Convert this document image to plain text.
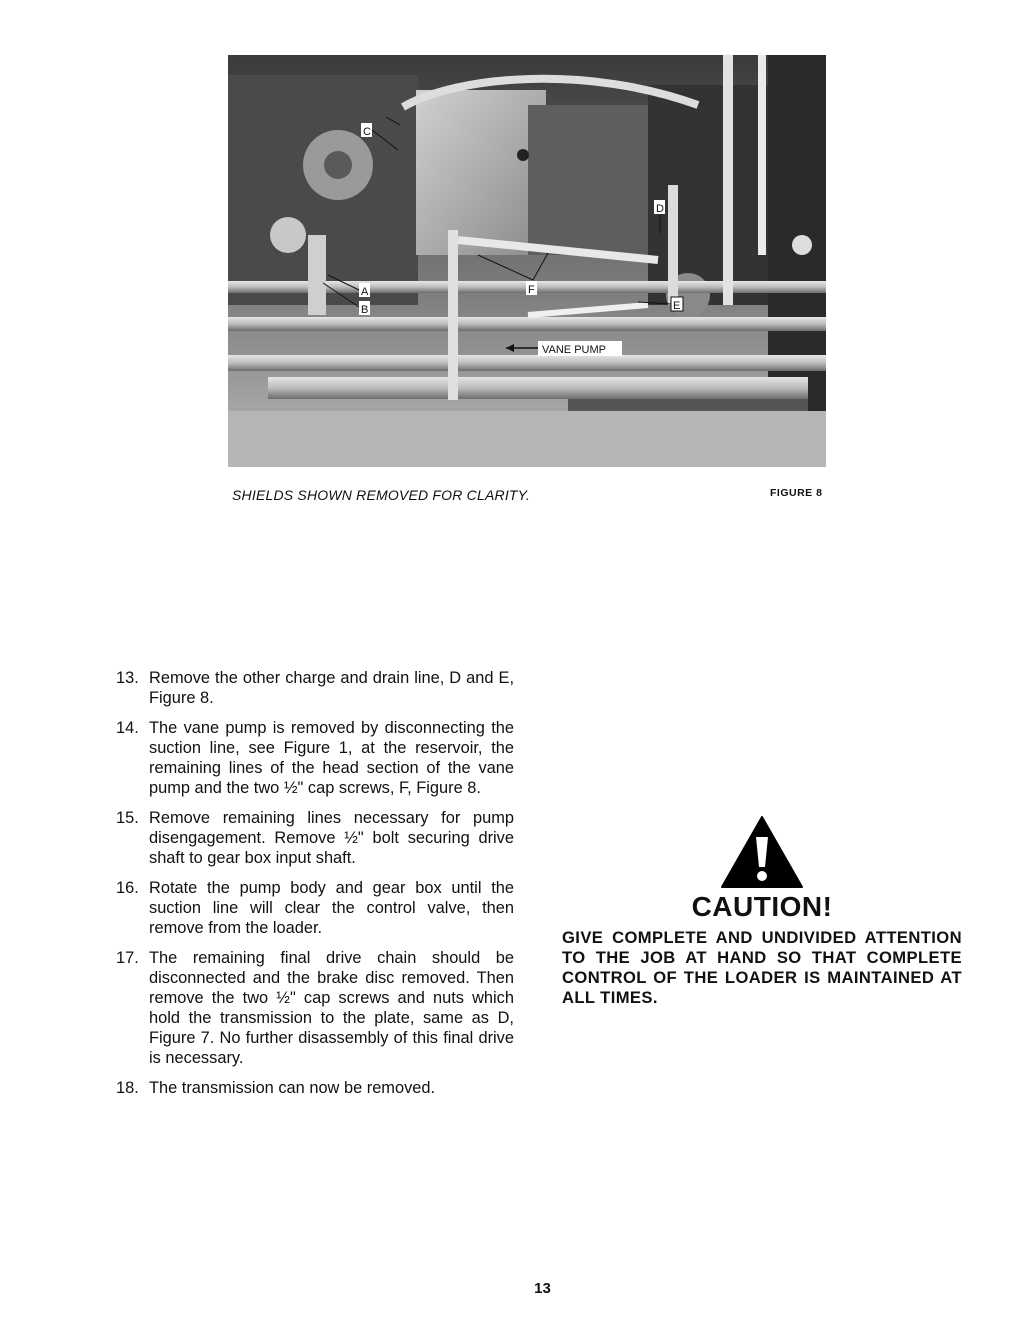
C
D
A
B
F
E
VANE PUMP
SHIELDS SHOWN REMOVED FOR CLARITY.	FIGURE 8
13. Remove the other charge and drain line, D and E, Figure 8.
14. The vane pump is removed by disconnecting the suction line, see Figure 1, at the reservoir, the remaining lines of the head section of the vane pump and the two ½" cap screws, F, Figure 8.
15. Remove remaining lines necessary for pump disengagement. Remove ½" bolt securing drive shaft to gear box input shaft.
16. Rotate the pump body and gear box until the suction line will clear the control valve, then remove from the loader.
17. The remaining final drive chain should be disconnected and the brake disc removed. Then remove the two ½" cap screws and nuts which hold the transmission to the plate, same as D, Figure 7. No further disassembly of this final drive is necessary.
18. The transmission can now be removed.
CAUTION!
GIVE COMPLETE AND UNDIVIDED ATTENTION TO THE JOB AT HAND SO THAT COMPLETE CONTROL OF THE LOADER IS MAINTAINED AT ALL TIMES.
13
